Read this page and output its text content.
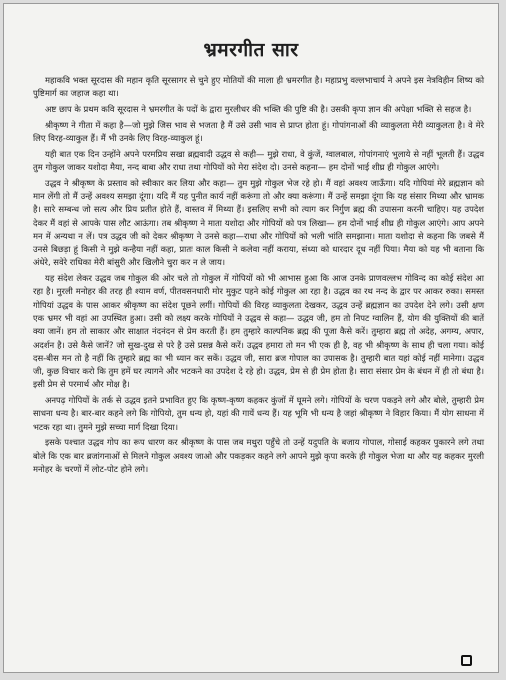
भ्रमरगीत सार

महाकवि भक्त सूरदास की महान कृति सूरसागर से चुने हुए मोतियों की माला ही भ्रमरगीत है। महाप्रभु वल्लभाचार्य ने अपने इस नेत्रविहीन शिष्य को पुष्टिमार्ग का जहाज कहा था।

अष्ट छाप के प्रथम कवि सूरदास ने भ्रमरगीत के पदों के द्वारा मुरलीधर की भक्ति की पुष्टि की है। उसकी कृपा ज्ञान की अपेक्षा भक्ति से सहज है।

श्रीकृष्ण ने गीता में कहा है—जो मुझे जिस भाव से भजता है मैं उसे उसी भाव से प्राप्त होता हूं। गोपांगनाओं की व्याकुलता मेरी व्याकुलता है। वे मेरे लिए विरह-व्याकुल हैं। मैं भी उनके लिए विरह-व्याकुल हूं।

यही बात एक दिन उन्होंने अपने परमप्रिय सखा ब्रह्मवादी उद्धव से कही— मुझे राधा, वे कुंजें, ग्वालबाल, गोपांगनाएं भुलाये से नहीं भूलती हैं। उद्धव तुम गोकुल जाकर यशोदा मैया, नन्द बाबा और राधा तथा गोपियों को मेरा संदेश दो। उनसे कहना— हम दोनों भाई शीघ्र ही गोकुल आएंगे।

उद्धव ने श्रीकृष्ण के प्रस्ताव को स्वीकार कर लिया और कहा— तुम मुझे गोकुल भेज रहे हो। मैं वहां अवश्य जाऊँगा। यदि गोपियां मेरे ब्रह्मज्ञान को मान लेंगी तो मैं उन्हें अवश्य समझा दूंगा। यदि मैं यह पुनीत कार्य नहीं करूंगा तो और क्या करूंगा। मैं उन्हें समझा दूंगा कि यह संसार मिथ्या और भ्रामक है। सारे सम्बन्ध जो सत्य और प्रिय प्रतीत होते हैं, वास्तव में मिथ्या हैं। इसलिए सभी को त्याग कर निर्गुण ब्रह्म की उपासना करनी चाहिए। यह उपदेश देकर मैं वहां से आपके पास लौट आऊंगा। तब श्रीकृष्ण ने माता यशोदा और गोपियों को पत्र लिखा— हम दोनों भाई शीघ्र ही गोकुल आएंगे। आप अपने मन में अन्यथा न लें। पत्र उद्धव जी को देकर श्रीकृष्ण ने उनसे कहा—राधा और गोपियों को भली भांति समझाना। माता यशोदा से कहना कि जबसे मैं उनसे बिछड़ा हूं किसी ने मुझे कन्हैया नहीं कहा, प्रातः काल किसी ने कलेवा नहीं कराया, संध्या को धारदार दूध नहीं पिया। मैया को यह भी बताना कि अंधेरे, सवेरे राधिका मेरी बांसुरी और खिलौने चुरा कर न ले जाय।

यह संदेश लेकर उद्धव जब गोकुल की ओर चले तो गोकुल में गोपियों को भी आभास हुआ कि आज उनके प्राणवल्लभ गोविन्द का कोई संदेश आ रहा है। मुरली मनोहर की तरह ही श्याम वर्ण, पीतवसनधारी मोर मुकुट पहने कोई गोकुल आ रहा है। उद्धव का रथ नन्द के द्वार पर आकर रुका। समस्त गोपियां उद्धव के पास आकर श्रीकृष्ण का संदेश पूछने लगीं। गोपियों की विरह व्याकुलता देखकर, उद्धव उन्हें ब्रह्मज्ञान का उपदेश देने लगे। उसी क्षण एक भ्रमर भी वहां आ उपस्थित हुआ। उसी को लक्ष्य करके गोपियों ने उद्धव से कहा— उद्धव जी, हम तो निपट ग्वालिन हैं, योग की युक्तियों की बातें क्या जानें। हम तो साकार और साक्षात नंदनंदन से प्रेम करती हैं। हम तुम्हारे काल्पनिक ब्रह्म की पूजा कैसे करें। तुम्हारा ब्रह्म तो अदेह, अगम्य, अपार, अदर्शन है। उसे कैसे जानें? जो सुख-दुख से परे है उसे प्रसन्न कैसे करें। उद्धव हमारा तो मन भी एक ही है, वह भी श्रीकृष्ण के साथ ही चला गया। कोई दस-बीस मन तो है नहीं कि तुम्हारे ब्रह्म का भी ध्यान कर सकें। उद्धव जी, सारा ब्रज गोपाल का उपासक है। तुम्हारी बात यहां कोई नहीं मानेगा। उद्धव जी, कुछ विचार करो कि तुम हमें घर त्यागने और भटकने का उपदेश दे रहे हो। उद्धव, प्रेम से ही प्रेम होता है। सारा संसार प्रेम के बंधन में ही तो बंधा है। इसी प्रेम से परमार्थ और मोक्ष है।

अनपढ़ गोपियों के तर्क से उद्धव इतने प्रभावित हुए कि कृष्ण-कृष्ण कहकर कुंजों में घूमने लगे। गोपियों के चरण पकड़ने लगे और बोले, तुम्हारी प्रेम साधना धन्य है। बार-बार कहने लगे कि गोपियो, तुम धन्य हो, यहां की गायें धन्य हैं। यह भूमि भी धन्य है जहां श्रीकृष्ण ने विहार किया। मैं योग साधना में भटक रहा था। तुमने मुझे सच्चा मार्ग दिखा दिया।

इसके पश्चात उद्धव गोप का रूप धारण कर श्रीकृष्ण के पास जब मथुरा पहुँचे तो उन्हें यदुपति के बजाय गोपाल, गोसाईं कहकर पुकारने लगे तथा बोले कि एक बार ब्रजांगनाओं से मिलने गोकुल अवश्य जाओ और पकड़कर कहने लगे आपने मुझे कृपा करके ही गोकुल भेजा था और यह कहकर मुरली मनोहर के चरणों में लोट-पोट होने लगे।
